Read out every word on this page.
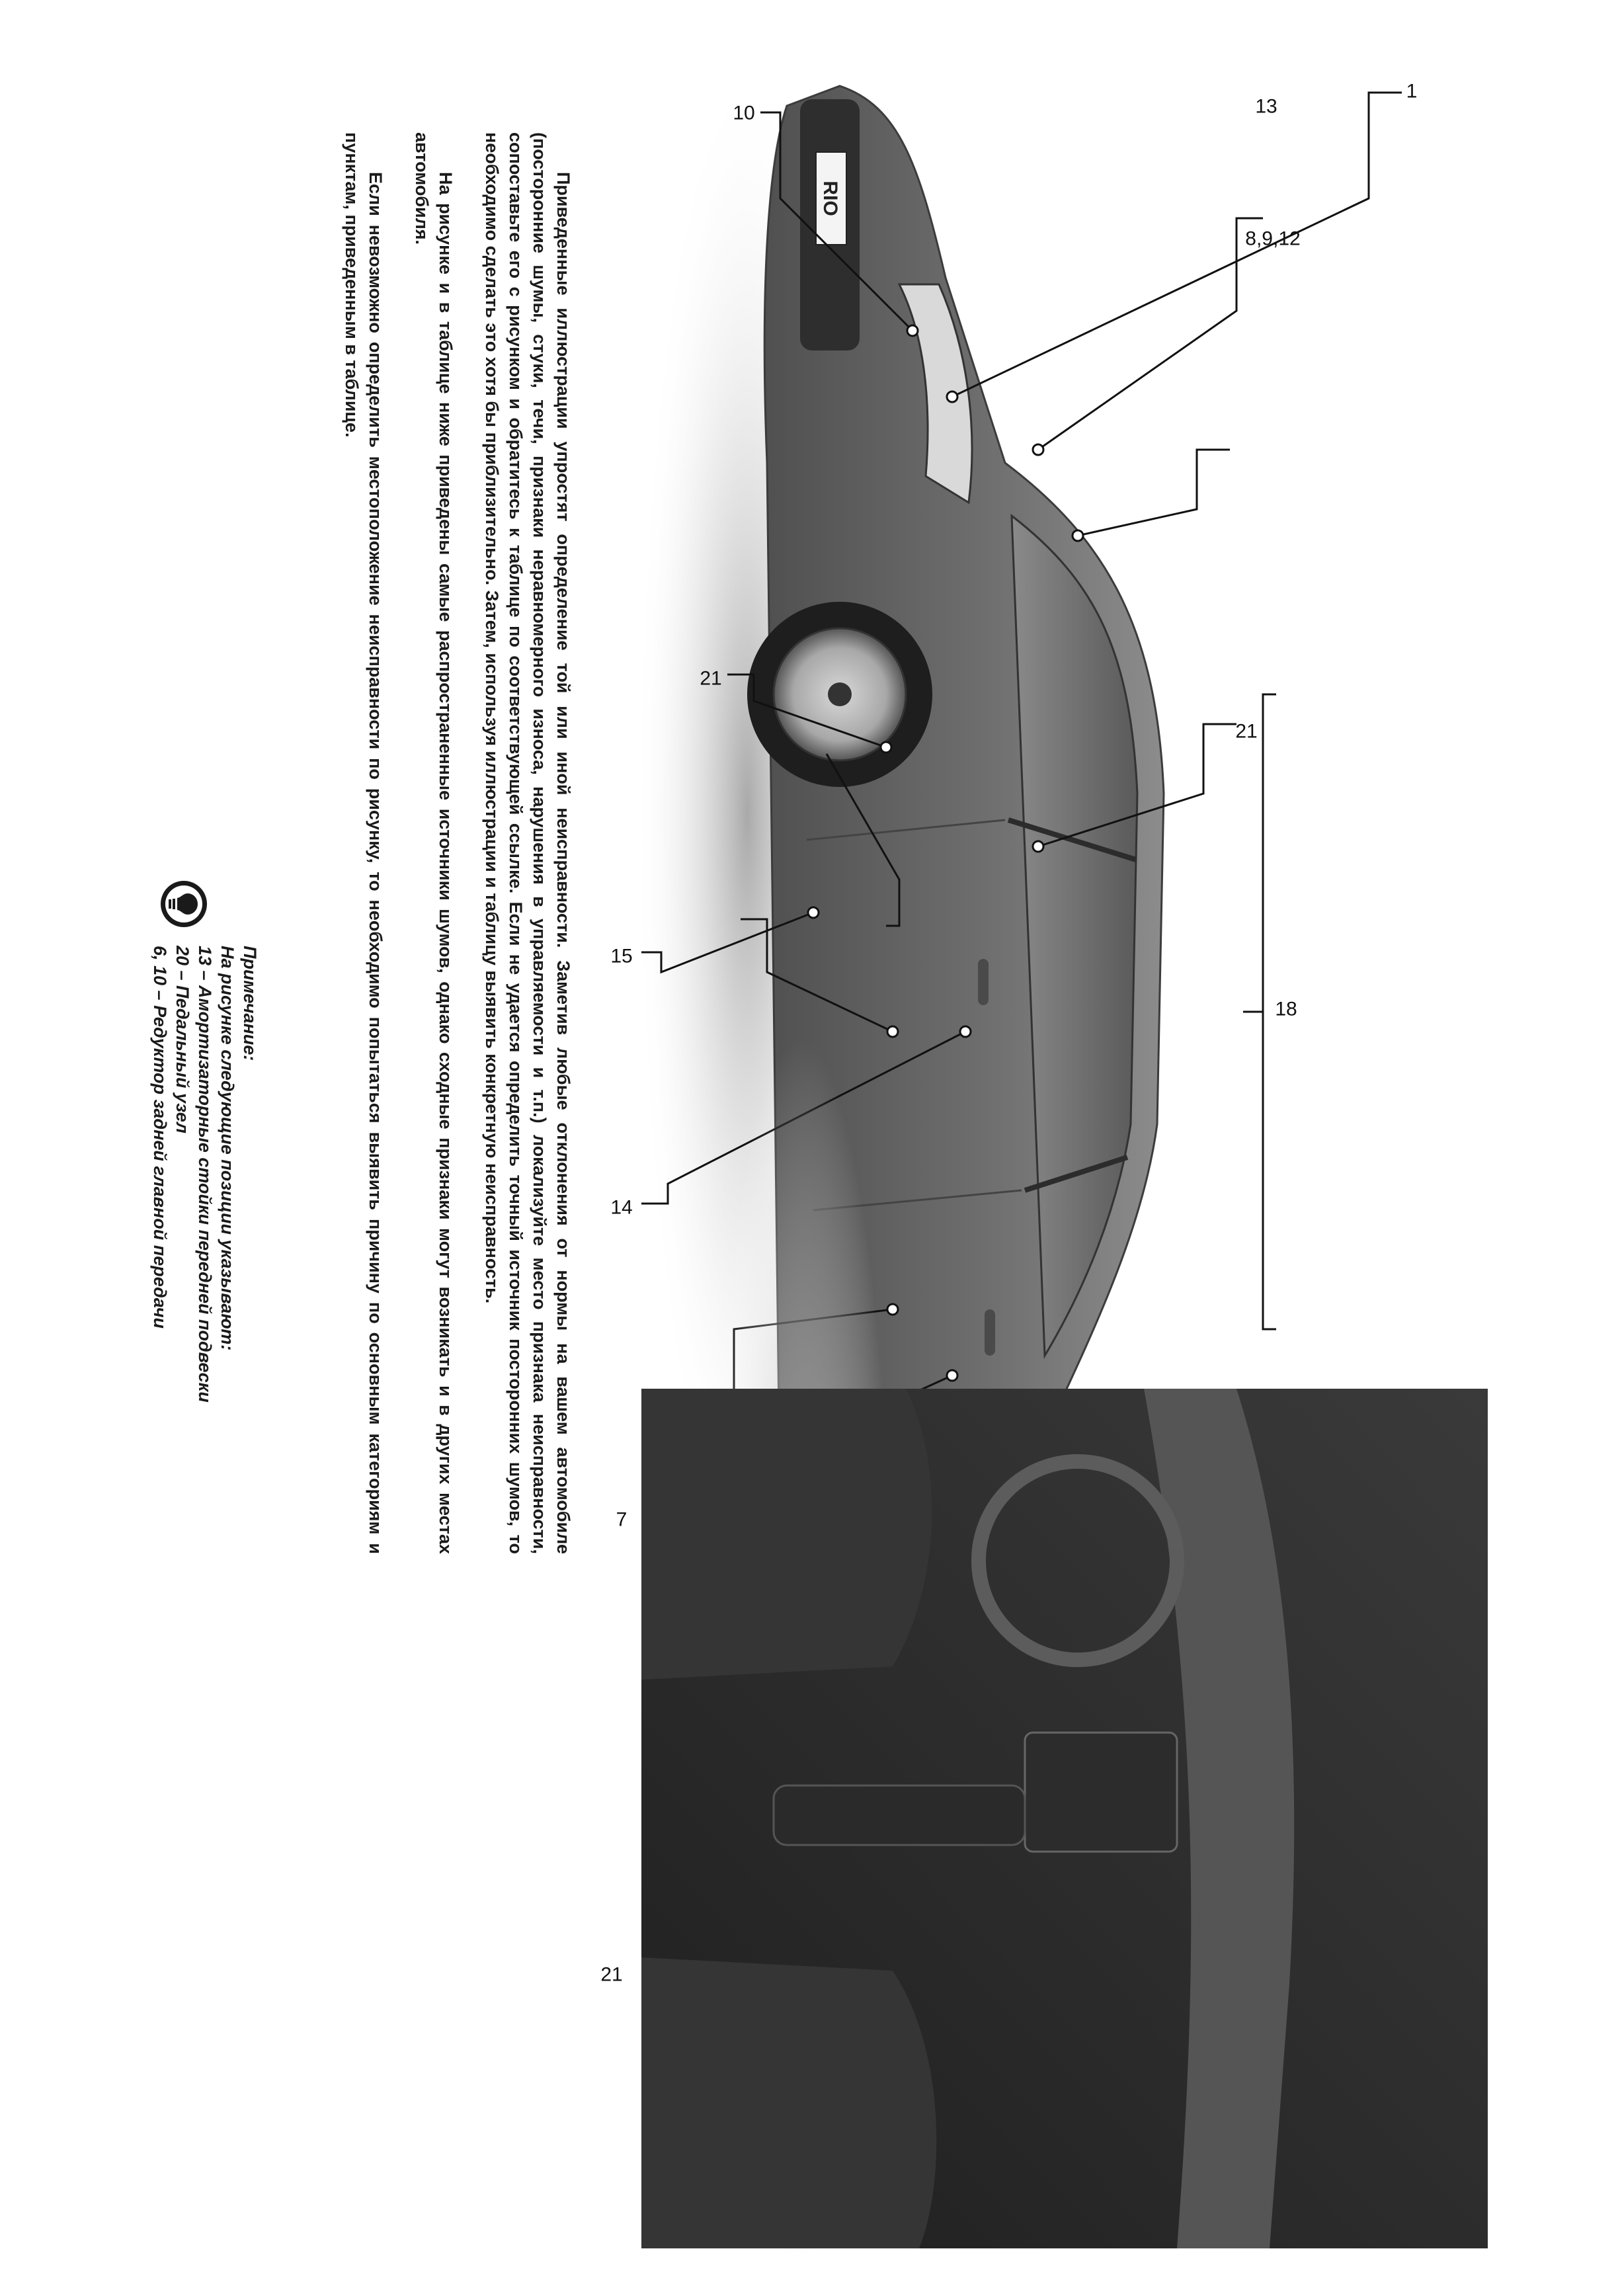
RIO
21
13
1
8,9,12
18
21
10
21
15
14
7

Приведенные иллюстрации упростят определение той или иной неисправности. Заметив любые отклонения от нормы на вашем автомобиле (посторонние шумы, стуки, течи, признаки неравномерного износа, нарушения в управляемости и т.п.) локализуйте место признака неисправности, сопоставьте его с рисунком и обратитесь к таблице по соответствующей ссылке. Если не удается определить точный источник посторонних шумов, то необходимо сделать это хотя бы приблизительно. Затем, используя иллюстрации и таблицу выявить конкретную неисправность.

На рисунке и в таблице ниже приведены самые распространенные источники шумов, однако сходные признаки могут возникать и в других местах автомобиля.

Если невозможно определить местоположение неисправности по рисунку, то необходимо попытаться выявить причину по основным категориям и пунктам, приведенным в таблице.

Примечание:
На рисунке следующие позиции указывают:
13 – Амортизаторные стойки передней подвески
20 – Педальный узел
6, 10 – Редуктор задней главной передачи
